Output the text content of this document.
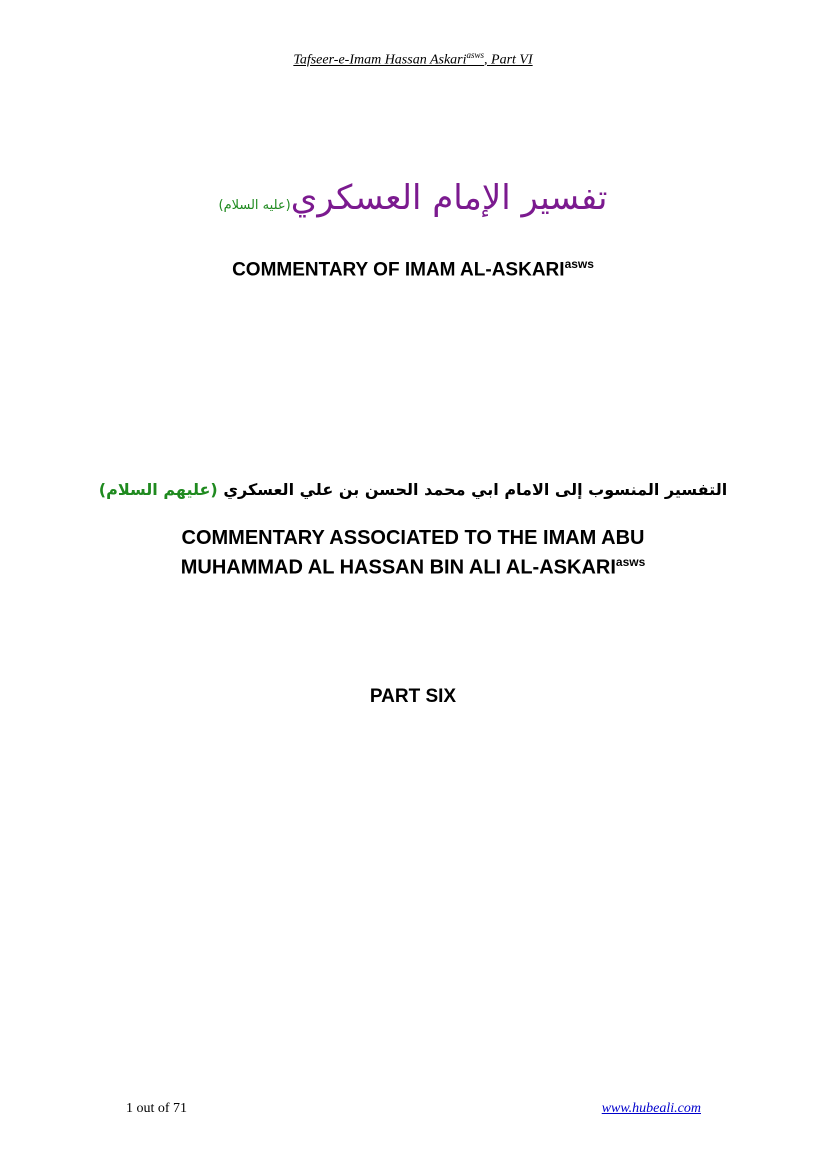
Tafseer-e-Imam Hassan Askari$^{asws}$, Part VI
تفسير الإمام العسكري(عليه السلام)
COMMENTARY OF IMAM $AL-ASKARI^{asws}$
التفسير المنسوب إلى الامام ابي محمد الحسن بن علي العسكري (عليهم السلام)
COMMENTARY ASSOCIATED TO THE IMAM ABU
MUHAMMAD AL HASSAN BIN ALI $AL-ASKARI^{asws}$
PART SIX
1 out of 71	www.hubeali.com
